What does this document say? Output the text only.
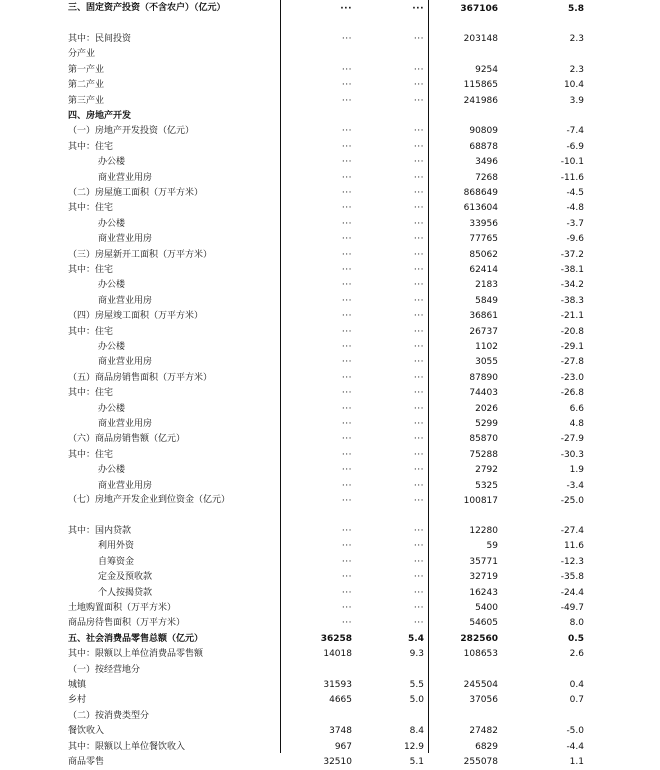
三、固定资产投资（不含农户）（亿元）	···	···	367106	5.8
其中：民间投资	···	···	203148	2.3
分产业
第一产业	···	···	9254	2.3
第二产业	···	···	115865	10.4
第三产业	···	···	241986	3.9
四、房地产开发
（一）房地产开发投资（亿元）	···	···	90809	-7.4
其中：住宅	···	···	68878	-6.9
办公楼	···	···	3496	-10.1
商业营业用房	···	···	7268	-11.6
（二）房屋施工面积（万平方米）	···	···	868649	-4.5
其中：住宅	···	···	613604	-4.8
办公楼	···	···	33956	-3.7
商业营业用房	···	···	77765	-9.6
（三）房屋新开工面积（万平方米）	···	···	85062	-37.2
其中：住宅	···	···	62414	-38.1
办公楼	···	···	2183	-34.2
商业营业用房	···	···	5849	-38.3
（四）房屋竣工面积（万平方米）	···	···	36861	-21.1
其中：住宅	···	···	26737	-20.8
办公楼	···	···	1102	-29.1
商业营业用房	···	···	3055	-27.8
（五）商品房销售面积（万平方米）	···	···	87890	-23.0
其中：住宅	···	···	74403	-26.8
办公楼	···	···	2026	6.6
商业营业用房	···	···	5299	4.8
（六）商品房销售额（亿元）	···	···	85870	-27.9
其中：住宅	···	···	75288	-30.3
办公楼	···	···	2792	1.9
商业营业用房	···	···	5325	-3.4
（七）房地产开发企业到位资金（亿元）	···	···	100817	-25.0
其中：国内贷款	···	···	12280	-27.4
利用外资	···	···	59	11.6
自筹资金	···	···	35771	-12.3
定金及预收款	···	···	32719	-35.8
个人按揭贷款	···	···	16243	-24.4
土地购置面积（万平方米）	···	···	5400	-49.7
商品房待售面积（万平方米）	···	···	54605	8.0
五、社会消费品零售总额（亿元）	36258	5.4	282560	0.5
其中：限额以上单位消费品零售额	14018	9.3	108653	2.6
（一）按经营地分
城镇	31593	5.5	245504	0.4
乡村	4665	5.0	37056	0.7
（二）按消费类型分
餐饮收入	3748	8.4	27482	-5.0
其中：限额以上单位餐饮收入	967	12.9	6829	-4.4
商品零售	32510	5.1	255078	1.1
